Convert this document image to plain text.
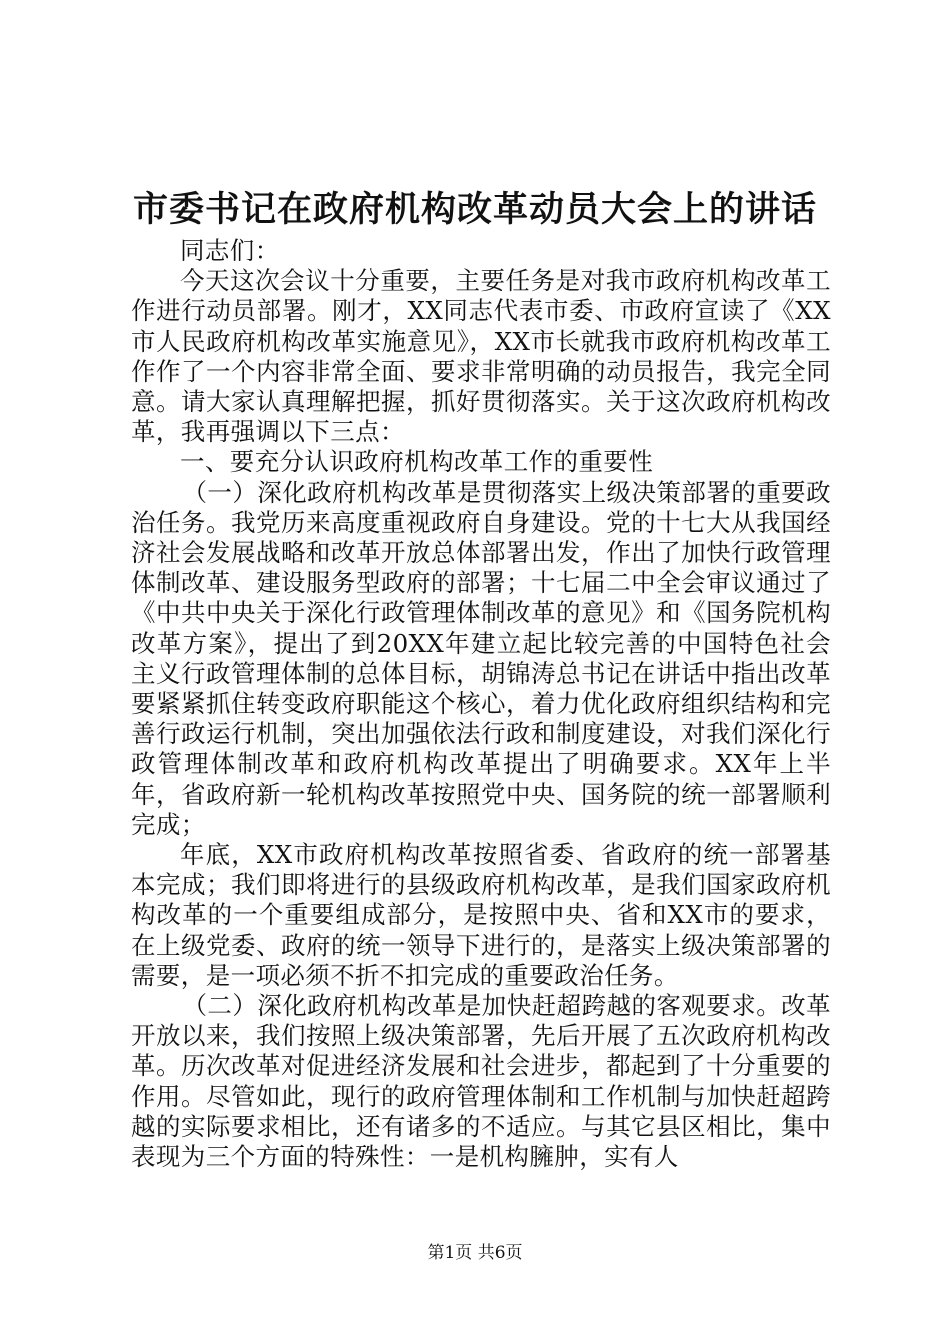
市委书记在政府机构改革动员大会上的讲话

同志们：

今天这次会议十分重要，主要任务是对我市政府机构改革工作进行动员部署。刚才，XX同志代表市委、市政府宣读了《XX市人民政府机构改革实施意见》，XX市长就我市政府机构改革工作作了一个内容非常全面、要求非常明确的动员报告，我完全同意。请大家认真理解把握，抓好贯彻落实。关于这次政府机构改革，我再强调以下三点：

一、要充分认识政府机构改革工作的重要性

（一）深化政府机构改革是贯彻落实上级决策部署的重要政治任务。我党历来高度重视政府自身建设。党的十七大从我国经济社会发展战略和改革开放总体部署出发，作出了加快行政管理体制改革、建设服务型政府的部署；十七届二中全会审议通过了《中共中央关于深化行政管理体制改革的意见》和《国务院机构改革方案》，提出了到20XX年建立起比较完善的中国特色社会主义行政管理体制的总体目标，胡锦涛总书记在讲话中指出改革要紧紧抓住转变政府职能这个核心，着力优化政府组织结构和完善行政运行机制，突出加强依法行政和制度建设，对我们深化行政管理体制改革和政府机构改革提出了明确要求。XX年上半年，省政府新一轮机构改革按照党中央、国务院的统一部署顺利完成；

年底，XX市政府机构改革按照省委、省政府的统一部署基本完成；我们即将进行的县级政府机构改革，是我们国家政府机构改革的一个重要组成部分，是按照中央、省和XX市的要求，在上级党委、政府的统一领导下进行的，是落实上级决策部署的需要，是一项必须不折不扣完成的重要政治任务。

（二）深化政府机构改革是加快赶超跨越的客观要求。改革开放以来，我们按照上级决策部署，先后开展了五次政府机构改革。历次改革对促进经济发展和社会进步，都起到了十分重要的作用。尽管如此，现行的政府管理体制和工作机制与加快赶超跨越的实际要求相比，还有诸多的不适应。与其它县区相比，集中表现为三个方面的特殊性：一是机构臃肿，实有人

第1页 共6页
